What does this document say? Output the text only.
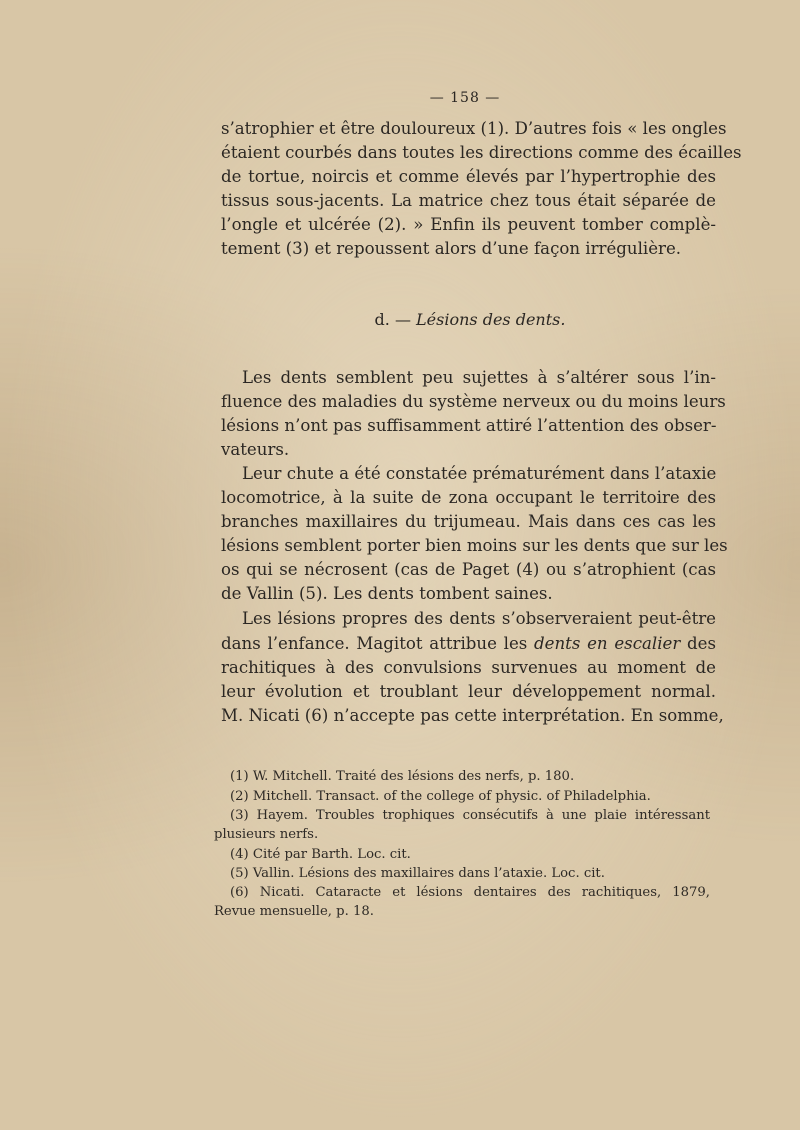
— 158 —
s’atrophier et être douloureux (1). D’autres fois « les ongles
étaient courbés dans toutes les directions comme des écailles
de tortue, noircis et comme élevés par l’hypertrophie des
tissus sous-jacents. La matrice chez tous était séparée de
l’ongle et ulcérée (2). » Enfin ils peuvent tomber complè-
tement (3) et repoussent alors d’une façon irrégulière.
d. — Lésions des dents.
Les dents semblent peu sujettes à s’altérer sous l’in-
fluence des maladies du système nerveux ou du moins leurs
lésions n’ont pas suffisamment attiré l’attention des obser-
vateurs.
Leur chute a été constatée prématurément dans l’ataxie
locomotrice, à la suite de zona occupant le territoire des
branches maxillaires du trijumeau. Mais dans ces cas les
lésions semblent porter bien moins sur les dents que sur les
os qui se nécrosent (cas de Paget (4) ou s’atrophient (cas
de Vallin (5). Les dents tombent saines.
Les lésions propres des dents s’observeraient peut-être
dans l’enfance. Magitot attribue les dents en escalier des
rachitiques à des convulsions survenues au moment de
leur évolution et troublant leur développement normal.
M. Nicati (6) n’accepte pas cette interprétation. En somme,
(1) W. Mitchell. Traité des lésions des nerfs, p. 180.
(2) Mitchell. Transact. of the college of physic. of Philadelphia.
(3) Hayem. Troubles trophiques consécutifs à une plaie intéressant
plusieurs nerfs.
(4) Cité par Barth. Loc. cit.
(5) Vallin. Lésions des maxillaires dans l’ataxie. Loc. cit.
(6) Nicati. Cataracte et lésions dentaires des rachitiques, 1879,
Revue mensuelle, p. 18.
